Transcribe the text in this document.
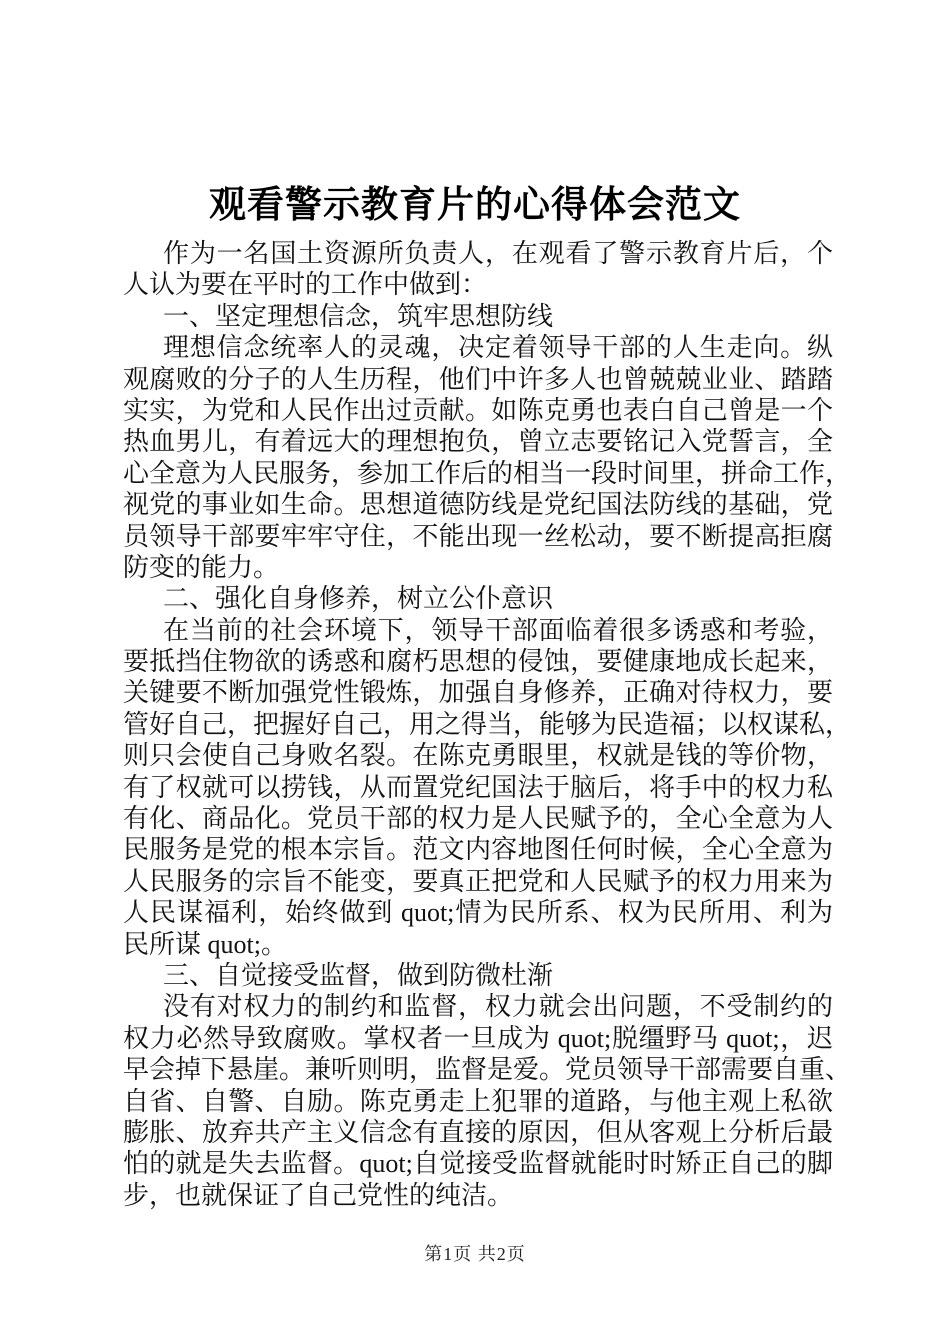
观看警示教育片的心得体会范文
作为一名国土资源所负责人，在观看了警示教育片后，个
人认为要在平时的工作中做到：
一、坚定理想信念，筑牢思想防线
理想信念统率人的灵魂，决定着领导干部的人生走向。纵
观腐败的分子的人生历程，他们中许多人也曾兢兢业业、踏踏
实实，为党和人民作出过贡献。如陈克勇也表白自己曾是一个
热血男儿，有着远大的理想抱负，曾立志要铭记入党誓言，全
心全意为人民服务，参加工作后的相当一段时间里，拼命工作，
视党的事业如生命。思想道德防线是党纪国法防线的基础，党
员领导干部要牢牢守住，不能出现一丝松动，要不断提高拒腐
防变的能力。
二、强化自身修养，树立公仆意识
在当前的社会环境下，领导干部面临着很多诱惑和考验，
要抵挡住物欲的诱惑和腐朽思想的侵蚀，要健康地成长起来，
关键要不断加强党性锻炼，加强自身修养，正确对待权力，要
管好自己，把握好自己，用之得当，能够为民造福；以权谋私，
则只会使自己身败名裂。在陈克勇眼里，权就是钱的等价物，
有了权就可以捞钱，从而置党纪国法于脑后，将手中的权力私
有化、商品化。党员干部的权力是人民赋予的，全心全意为人
民服务是党的根本宗旨。范文内容地图任何时候，全心全意为
人民服务的宗旨不能变，要真正把党和人民赋予的权力用来为
人民谋福利，始终做到 quot;情为民所系、权为民所用、利为
民所谋 quot;。
三、自觉接受监督，做到防微杜渐
没有对权力的制约和监督，权力就会出问题，不受制约的
权力必然导致腐败。掌权者一旦成为 quot;脱缰野马 quot;，迟
早会掉下悬崖。兼听则明，监督是爱。党员领导干部需要自重、
自省、自警、自励。陈克勇走上犯罪的道路，与他主观上私欲
膨胀、放弃共产主义信念有直接的原因，但从客观上分析后最
怕的就是失去监督。quot;自觉接受监督就能时时矫正自己的脚
步，也就保证了自己党性的纯洁。
第1页 共2页
